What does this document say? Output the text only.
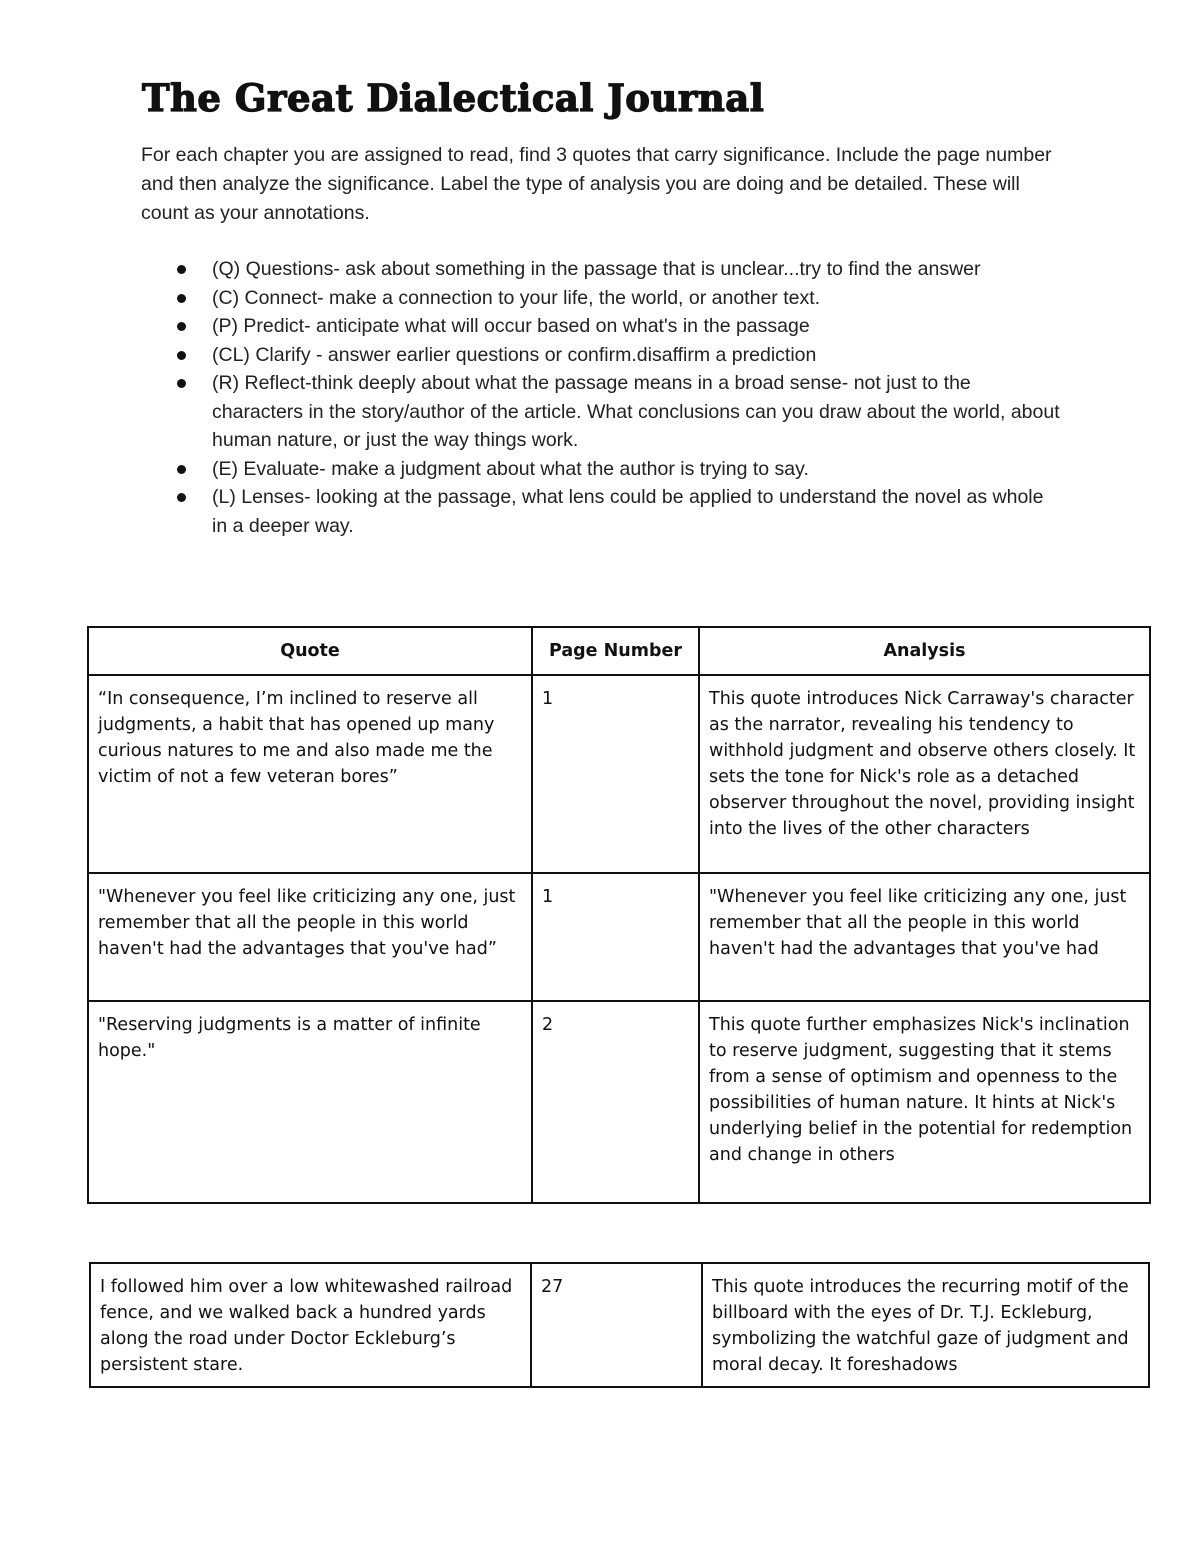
The Great Dialectical Journal

For each chapter you are assigned to read, find 3 quotes that carry significance. Include the page number and then analyze the significance. Label the type of analysis you are doing and be detailed. These will count as your annotations.

(Q) Questions- ask about something in the passage that is unclear...try to find the answer
(C) Connect- make a connection to your life, the world, or another text.
(P) Predict- anticipate what will occur based on what's in the passage
(CL) Clarify - answer earlier questions or confirm.disaffirm a prediction
(R) Reflect-think deeply about what the passage means in a broad sense- not just to the characters in the story/author of the article. What conclusions can you draw about the world, about human nature, or just the way things work.
(E) Evaluate- make a judgment about what the author is trying to say.
(L) Lenses- looking at the passage, what lens could be applied to understand the novel as whole in a deeper way.
Quote	Page Number	Analysis
“In consequence, I’m inclined to reserve all judgments, a habit that has opened up many curious natures to me and also made me the victim of not a few veteran bores”	1	This quote introduces Nick Carraway's character as the narrator, revealing his tendency to withhold judgment and observe others closely. It sets the tone for Nick's role as a detached observer throughout the novel, providing insight into the lives of the other characters
"Whenever you feel like criticizing any one, just remember that all the people in this world haven't had the advantages that you've had”	1	"Whenever you feel like criticizing any one, just remember that all the people in this world haven't had the advantages that you've had
"Reserving judgments is a matter of infinite hope."	2	This quote further emphasizes Nick's inclination to reserve judgment, suggesting that it stems from a sense of optimism and openness to the possibilities of human nature. It hints at Nick's underlying belief in the potential for redemption and change in others
I followed him over a low whitewashed railroad fence, and we walked back a hundred yards along the road under Doctor Eckleburg’s persistent stare.	27	This quote introduces the recurring motif of the billboard with the eyes of Dr. T.J. Eckleburg, symbolizing the watchful gaze of judgment and moral decay. It foreshadows
